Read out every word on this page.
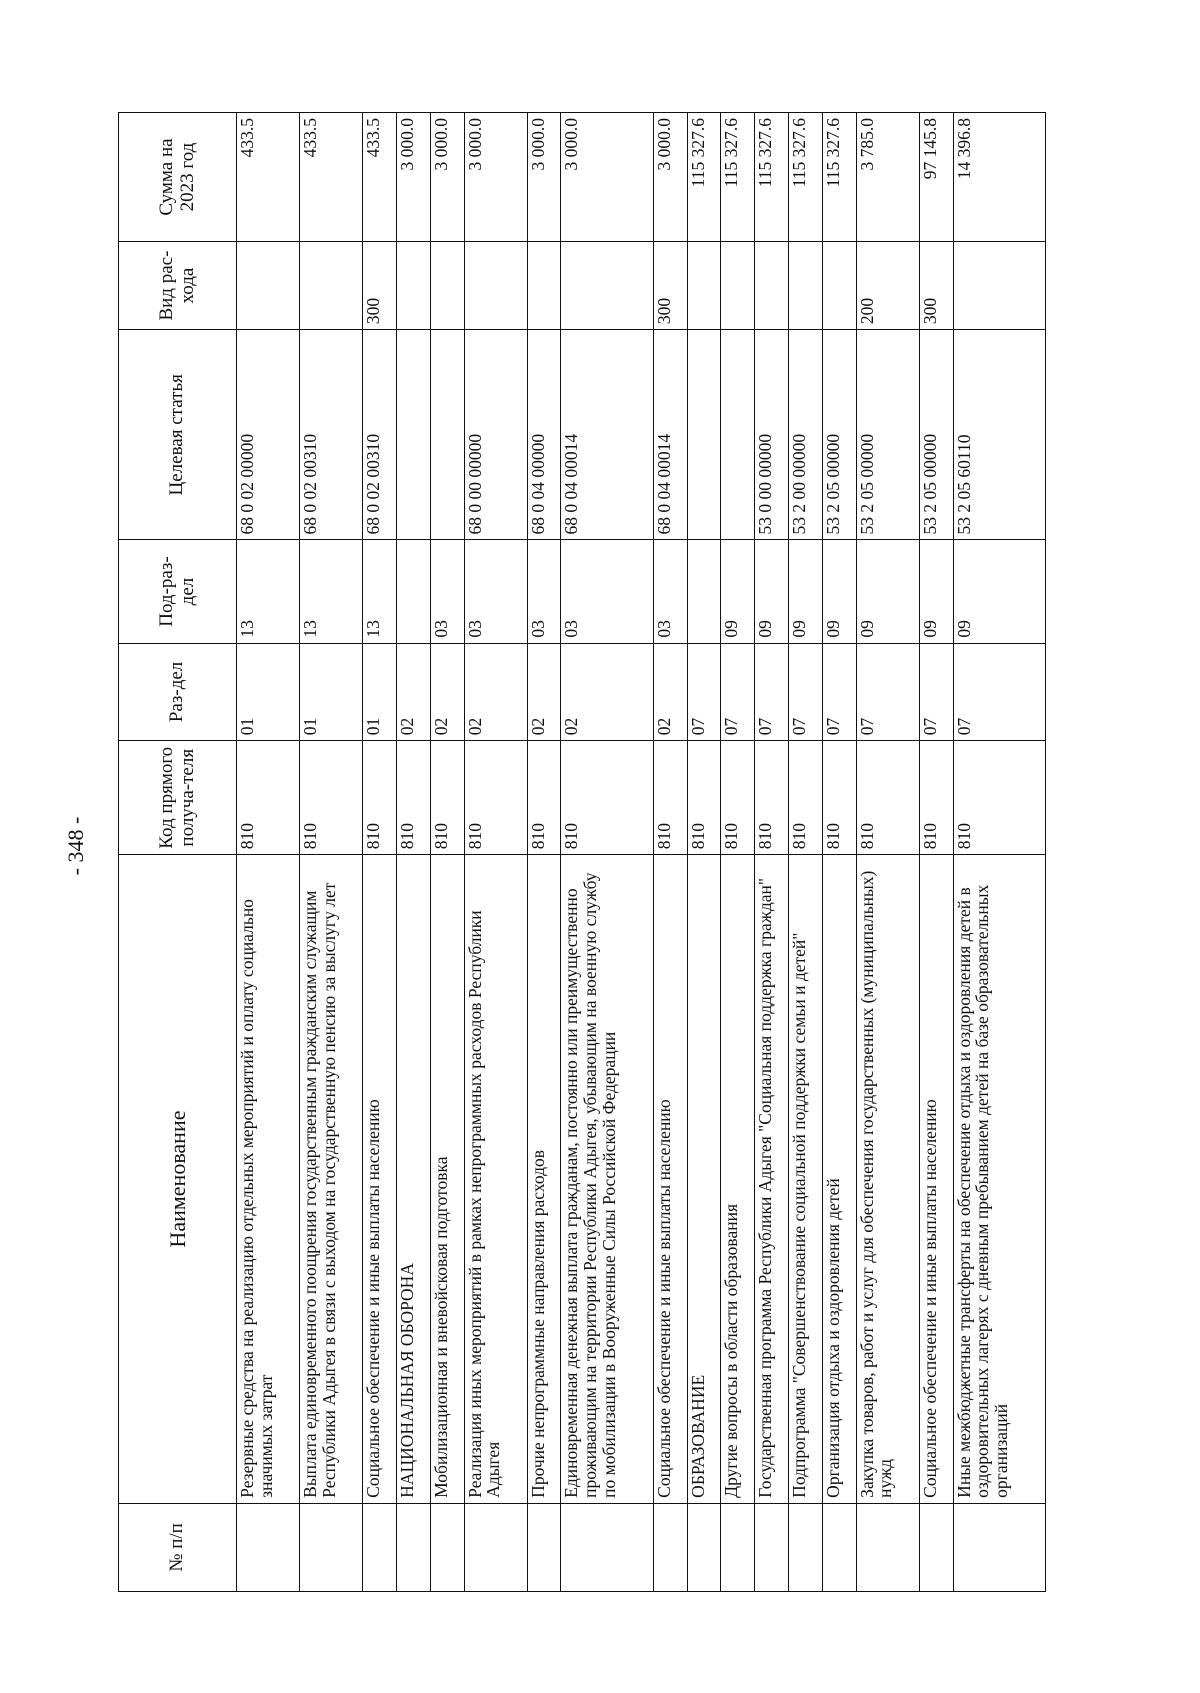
- 348 -
№ п/п	Наименование	Код прямого получа-теля	Раз-дел	Под-раз-дел	Целевая статья	Вид рас-хода	Сумма на 2023 год
	Резервные средства на реализацию отдельных мероприятий и оплату социально значимых затрат	810	01	13	68 0 02 00000		433.5
	Выплата единовременного поощрения государственным гражданским служащим Республики Адыгея в связи с выходом на государственную пенсию за выслугу лет	810	01	13	68 0 02 00310		433.5
	Социальное обеспечение и иные выплаты населению	810	01	13	68 0 02 00310	300	433.5
	НАЦИОНАЛЬНАЯ ОБОРОНА	810	02				3 000.0
	Мобилизационная и вневойсковая подготовка	810	02	03			3 000.0
	Реализация иных мероприятий в рамках непрограммных расходов Республики Адыгея	810	02	03	68 0 00 00000		3 000.0
	Прочие непрограммные направления расходов	810	02	03	68 0 04 00000		3 000.0
	Единовременная денежная выплата гражданам, постоянно или преимущественно проживающим на территории Республики Адыгея, убывающим на военную службу по мобилизации в Вооруженные Силы Российской Федерации	810	02	03	68 0 04 00014		3 000.0
	Социальное обеспечение и иные выплаты населению	810	02	03	68 0 04 00014	300	3 000.0
	ОБРАЗОВАНИЕ	810	07				115 327.6
	Другие вопросы в области образования	810	07	09			115 327.6
	Государственная программа Республики Адыгея "Социальная поддержка граждан"	810	07	09	53 0 00 00000		115 327.6
	Подпрограмма "Совершенствование социальной поддержки семьи и детей"	810	07	09	53 2 00 00000		115 327.6
	Организация отдыха и оздоровления детей	810	07	09	53 2 05 00000		115 327.6
	Закупка товаров, работ и услуг для обеспечения государственных (муниципальных) нужд	810	07	09	53 2 05 00000	200	3 785.0
	Социальное обеспечение и иные выплаты населению	810	07	09	53 2 05 00000	300	97 145.8
	Иные межбюджетные трансферты на обеспечение отдыха и оздоровления детей в оздоровительных лагерях с дневным пребыванием детей на базе образовательных организаций	810	07	09	53 2 05 60110		14 396.8
